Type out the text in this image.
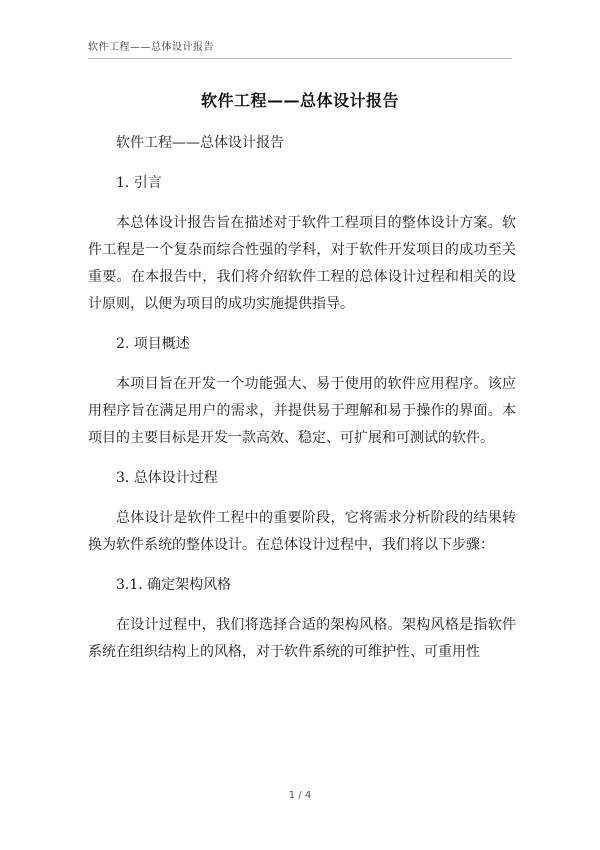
软件工程——总体设计报告
软件工程——总体设计报告

软件工程——总体设计报告

1. 引言

本总体设计报告旨在描述对于软件工程项目的整体设计方案。软件工程是一个复杂而综合性强的学科，对于软件开发项目的成功至关重要。在本报告中，我们将介绍软件工程的总体设计过程和相关的设计原则，以便为项目的成功实施提供指导。

2. 项目概述

本项目旨在开发一个功能强大、易于使用的软件应用程序。该应用程序旨在满足用户的需求，并提供易于理解和易于操作的界面。本项目的主要目标是开发一款高效、稳定、可扩展和可测试的软件。

3. 总体设计过程

总体设计是软件工程中的重要阶段，它将需求分析阶段的结果转换为软件系统的整体设计。在总体设计过程中，我们将以下步骤：

3.1. 确定架构风格

在设计过程中，我们将选择合适的架构风格。架构风格是指软件系统在组织结构上的风格，对于软件系统的可维护性、可重用性

1 / 4
